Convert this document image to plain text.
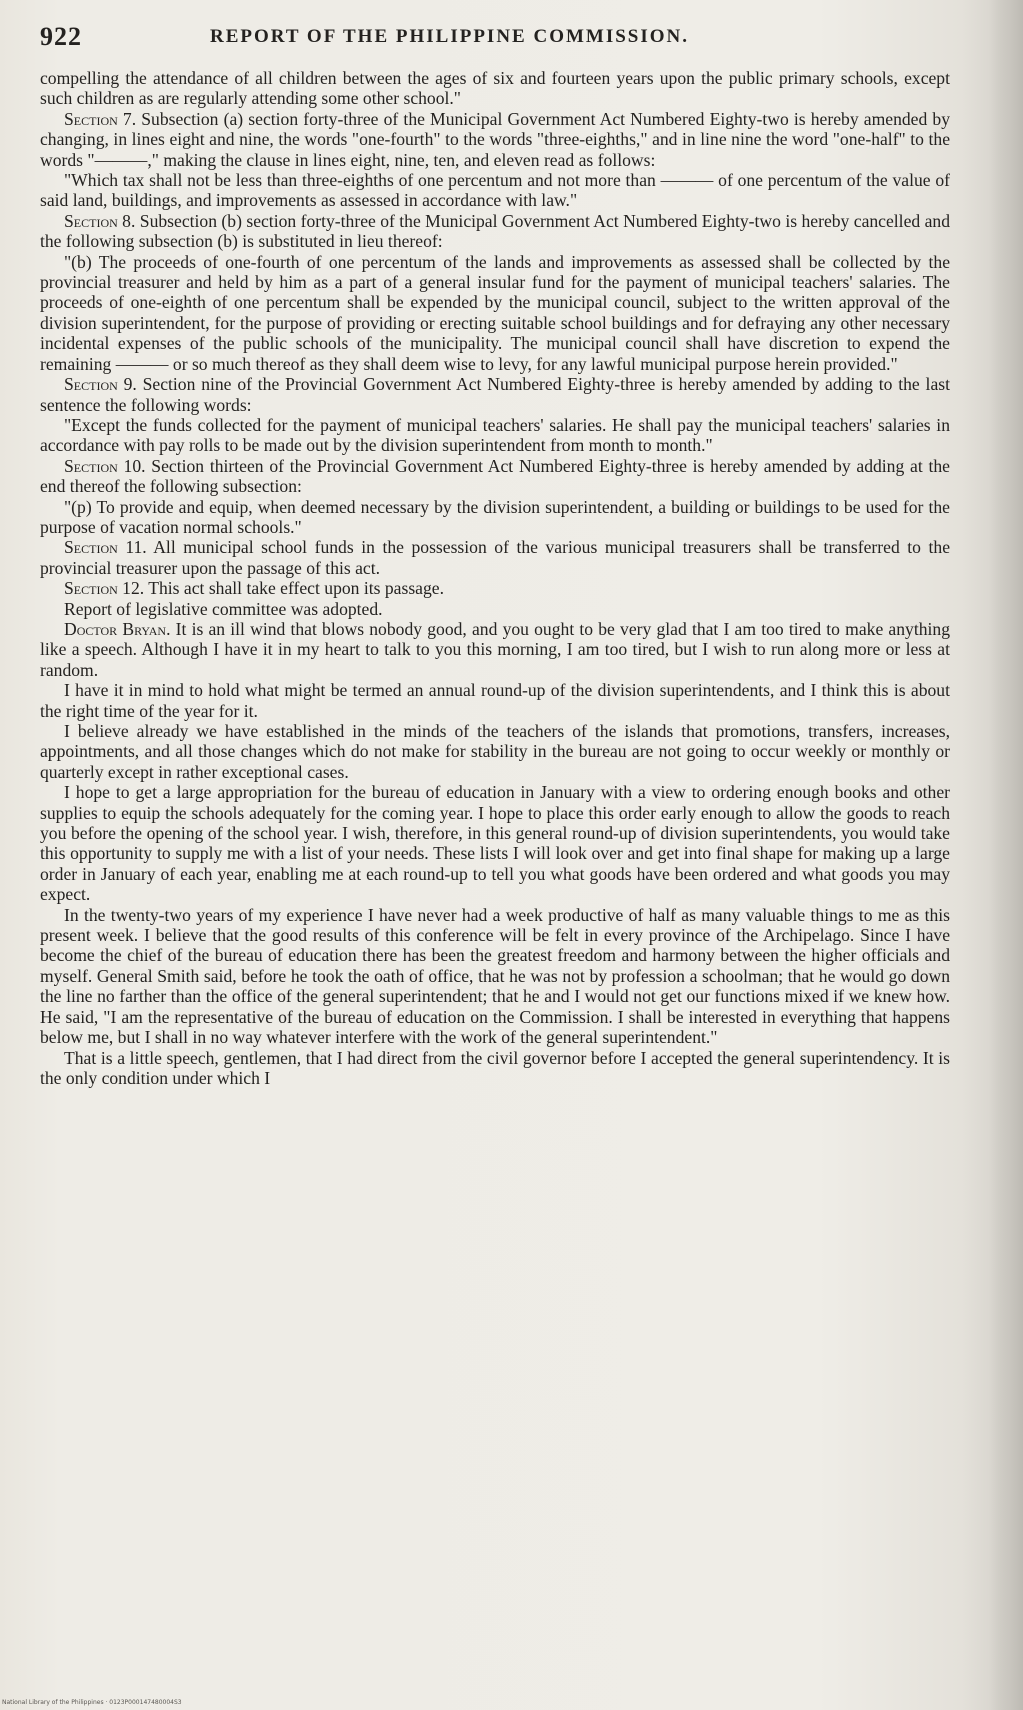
922	REPORT OF THE PHILIPPINE COMMISSION.

compelling the attendance of all children between the ages of six and fourteen years upon the public primary schools, except such children as are regularly attending some other school."

Section 7. Subsection (a) section forty-three of the Municipal Government Act Numbered Eighty-two is hereby amended by changing, in lines eight and nine, the words "one-fourth" to the words "three-eighths," and in line nine the word "one-half" to the words "———," making the clause in lines eight, nine, ten, and eleven read as follows:

"Which tax shall not be less than three-eighths of one percentum and not more than ——— of one percentum of the value of said land, buildings, and improvements as assessed in accordance with law."

Section 8. Subsection (b) section forty-three of the Municipal Government Act Numbered Eighty-two is hereby cancelled and the following subsection (b) is substituted in lieu thereof:

"(b) The proceeds of one-fourth of one percentum of the lands and improvements as assessed shall be collected by the provincial treasurer and held by him as a part of a general insular fund for the payment of municipal teachers' salaries. The proceeds of one-eighth of one percentum shall be expended by the municipal council, subject to the written approval of the division superintendent, for the purpose of providing or erecting suitable school buildings and for defraying any other necessary incidental expenses of the public schools of the municipality. The municipal council shall have discretion to expend the remaining ——— or so much thereof as they shall deem wise to levy, for any lawful municipal purpose herein provided."

Section 9. Section nine of the Provincial Government Act Numbered Eighty-three is hereby amended by adding to the last sentence the following words:

"Except the funds collected for the payment of municipal teachers' salaries. He shall pay the municipal teachers' salaries in accordance with pay rolls to be made out by the division superintendent from month to month."

Section 10. Section thirteen of the Provincial Government Act Numbered Eighty-three is hereby amended by adding at the end thereof the following subsection:

"(p) To provide and equip, when deemed necessary by the division superintendent, a building or buildings to be used for the purpose of vacation normal schools."

Section 11. All municipal school funds in the possession of the various municipal treasurers shall be transferred to the provincial treasurer upon the passage of this act.

Section 12. This act shall take effect upon its passage.

Report of legislative committee was adopted.

Doctor Bryan. It is an ill wind that blows nobody good, and you ought to be very glad that I am too tired to make anything like a speech. Although I have it in my heart to talk to you this morning, I am too tired, but I wish to run along more or less at random.

I have it in mind to hold what might be termed an annual round-up of the division superintendents, and I think this is about the right time of the year for it.

I believe already we have established in the minds of the teachers of the islands that promotions, transfers, increases, appointments, and all those changes which do not make for stability in the bureau are not going to occur weekly or monthly or quarterly except in rather exceptional cases.

I hope to get a large appropriation for the bureau of education in January with a view to ordering enough books and other supplies to equip the schools adequately for the coming year. I hope to place this order early enough to allow the goods to reach you before the opening of the school year. I wish, therefore, in this general round-up of division superintendents, you would take this opportunity to supply me with a list of your needs. These lists I will look over and get into final shape for making up a large order in January of each year, enabling me at each round-up to tell you what goods have been ordered and what goods you may expect.

In the twenty-two years of my experience I have never had a week productive of half as many valuable things to me as this present week. I believe that the good results of this conference will be felt in every province of the Archipelago. Since I have become the chief of the bureau of education there has been the greatest freedom and harmony between the higher officials and myself. General Smith said, before he took the oath of office, that he was not by profession a schoolman; that he would go down the line no farther than the office of the general superintendent; that he and I would not get our functions mixed if we knew how. He said, "I am the representative of the bureau of education on the Commission. I shall be interested in everything that happens below me, but I shall in no way whatever interfere with the work of the general superintendent."

That is a little speech, gentlemen, that I had direct from the civil governor before I accepted the general superintendency. It is the only condition under which I

National Library of the Philippines · 0123P000147480004S3
